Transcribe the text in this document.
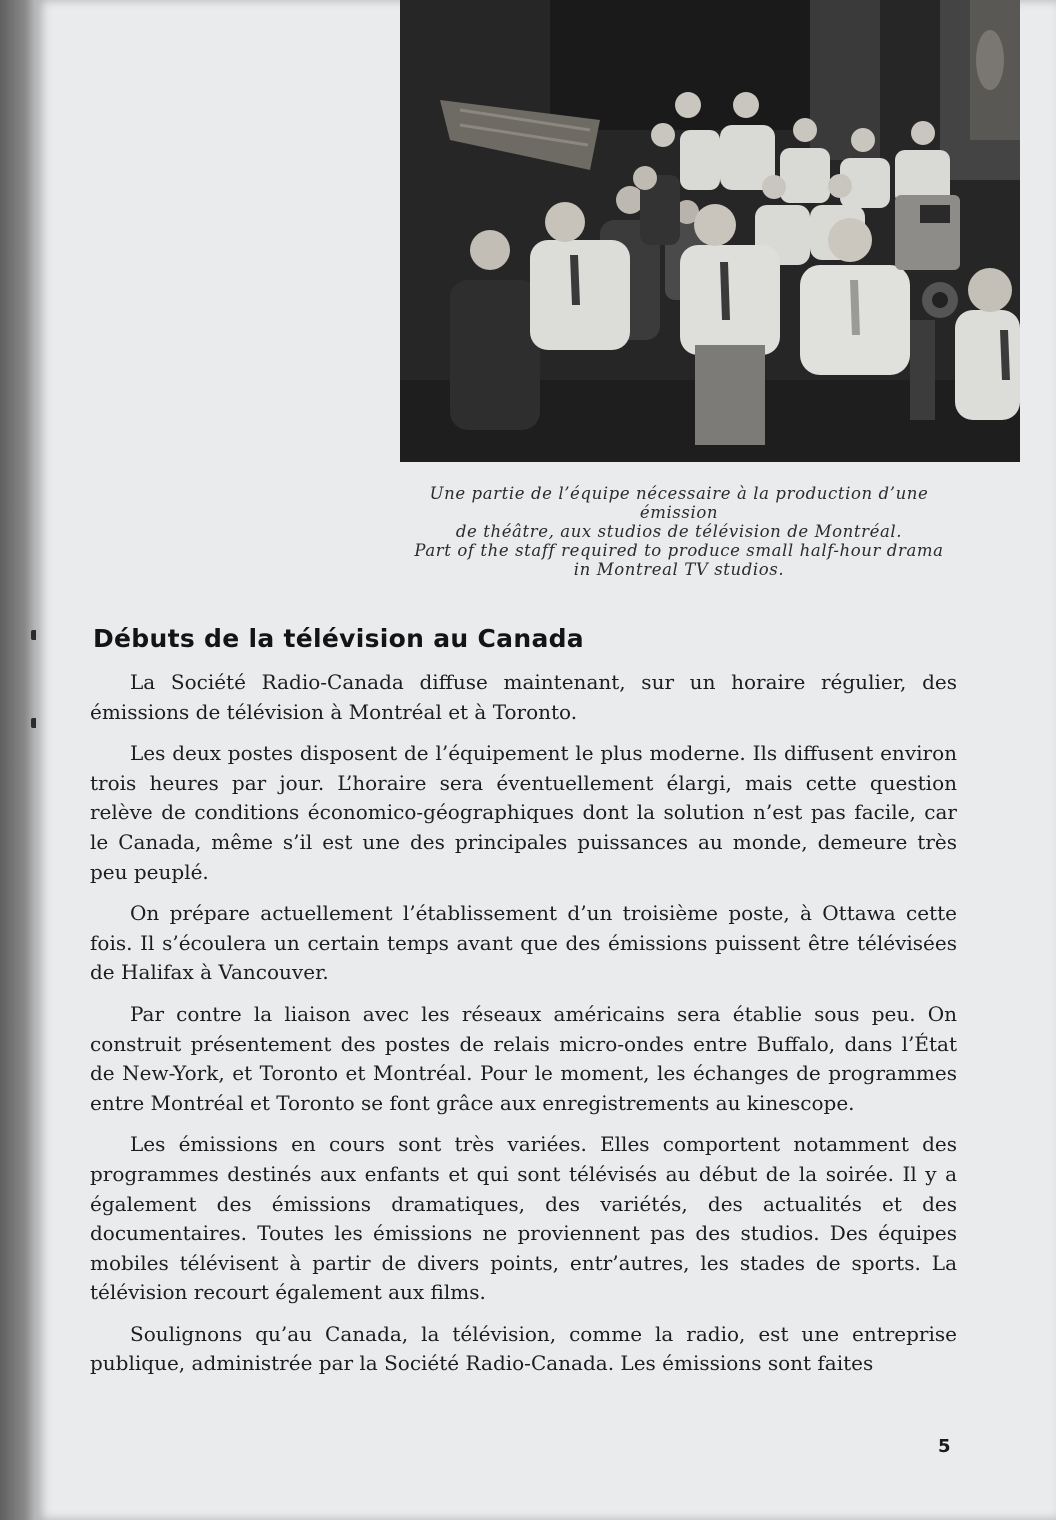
Une partie de l’équipe nécessaire à la production d’une émission
de théâtre, aux studios de télévision de Montréal.
Part of the staff required to produce small half-hour drama
in Montreal TV studios.
Débuts de la télévision au Canada

La Société Radio-Canada diffuse maintenant, sur un horaire régulier, des émissions de télévision à Montréal et à Toronto.

Les deux postes disposent de l’équipement le plus moderne. Ils diffusent environ trois heures par jour. L’horaire sera éventuellement élargi, mais cette question relève de conditions économico-géographiques dont la solution n’est pas facile, car le Canada, même s’il est une des principales puissances au monde, demeure très peu peuplé.

On prépare actuellement l’établissement d’un troisième poste, à Ottawa cette fois. Il s’écoulera un certain temps avant que des émissions puissent être télévisées de Halifax à Vancouver.

Par contre la liaison avec les réseaux américains sera établie sous peu. On construit présentement des postes de relais micro-ondes entre Buffalo, dans l’État de New-York, et Toronto et Montréal. Pour le moment, les échanges de programmes entre Montréal et Toronto se font grâce aux enregistrements au kinescope.

Les émissions en cours sont très variées. Elles comportent notamment des programmes destinés aux enfants et qui sont télévisés au début de la soirée. Il y a également des émissions dramatiques, des variétés, des actualités et des documentaires. Toutes les émissions ne proviennent pas des studios. Des équipes mobiles télévisent à partir de divers points, entr’autres, les stades de sports. La télévision recourt également aux films.

Soulignons qu’au Canada, la télévision, comme la radio, est une entreprise publique, administrée par la Société Radio-Canada. Les émissions sont faites

5
